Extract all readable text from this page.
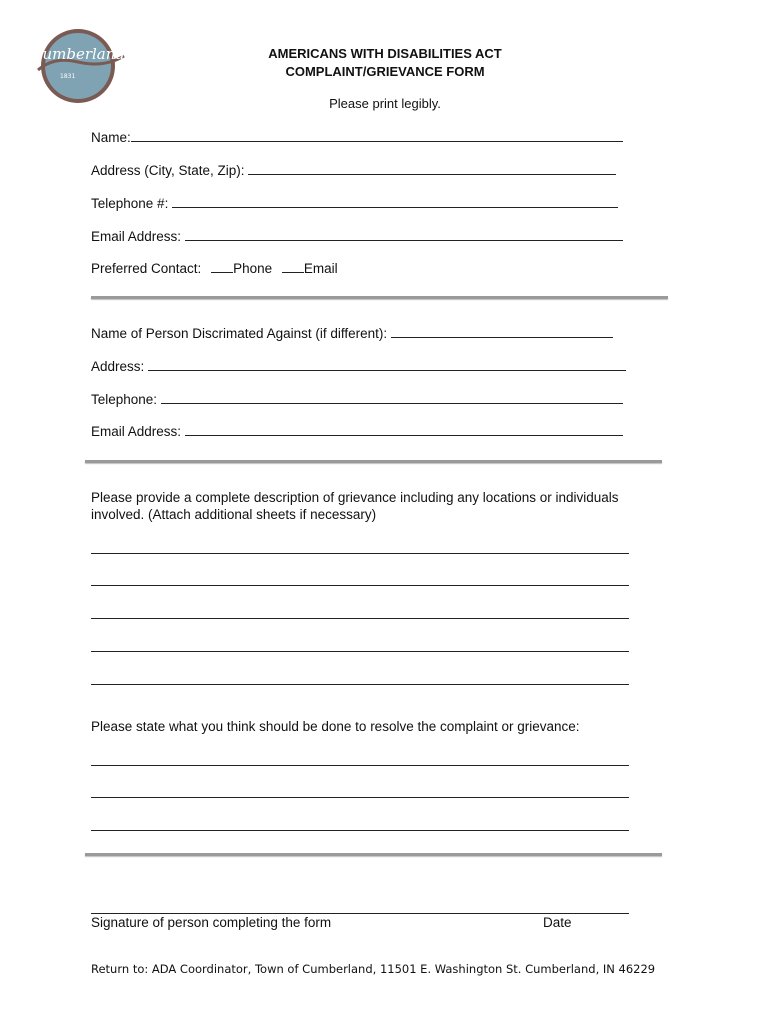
Cumberland
1831
AMERICANS WITH DISABILITIES ACT
COMPLAINT/GRIEVANCE FORM
Please print legibly.
Name:
Address (City, State, Zip):
Telephone #:
Email Address:
Preferred Contact: Phone Email
Name of Person Discrimated Against (if different):
Address:
Telephone:
Email Address:
Please provide a complete description of grievance including any locations or individuals involved. (Attach additional sheets if necessary)
Please state what you think should be done to resolve the complaint or grievance:
Signature of person completing the form	Date
Return to: ADA Coordinator, Town of Cumberland, 11501 E. Washington St. Cumberland, IN 46229
